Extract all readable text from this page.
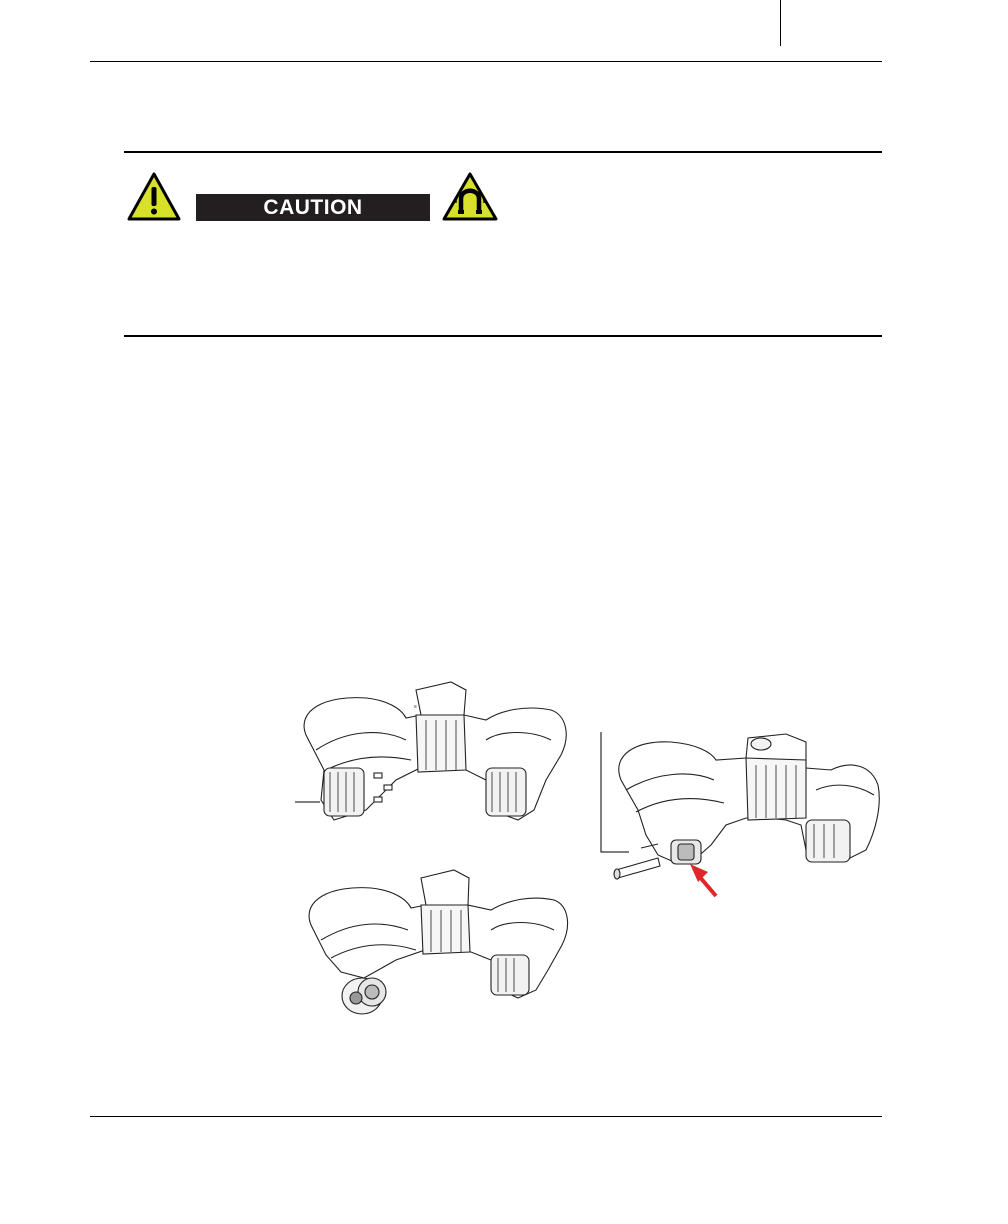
CAUTION
≡
